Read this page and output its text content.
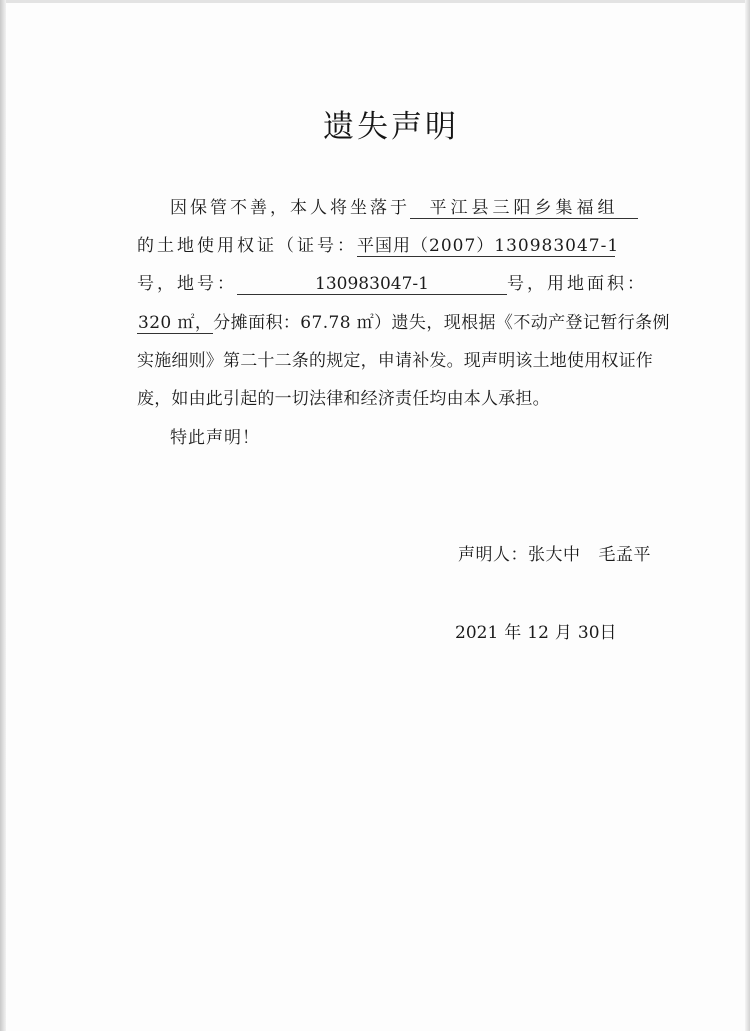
遗失声明
因保管不善，本人将坐落于 平江县三阳乡集福组
的土地使用权证（证号：平国用（2007）130983047-1
号，地号：	130983047-1	号，用地面积：
320 ㎡，分摊面积：67.78 ㎡）遗失，现根据《不动产登记暂行条例
实施细则》第二十二条的规定，申请补发。现声明该土地使用权证作
废，如由此引起的一切法律和经济责任均由本人承担。
特此声明！
声明人：张大中 毛孟平
2021 年 12 月 30日
